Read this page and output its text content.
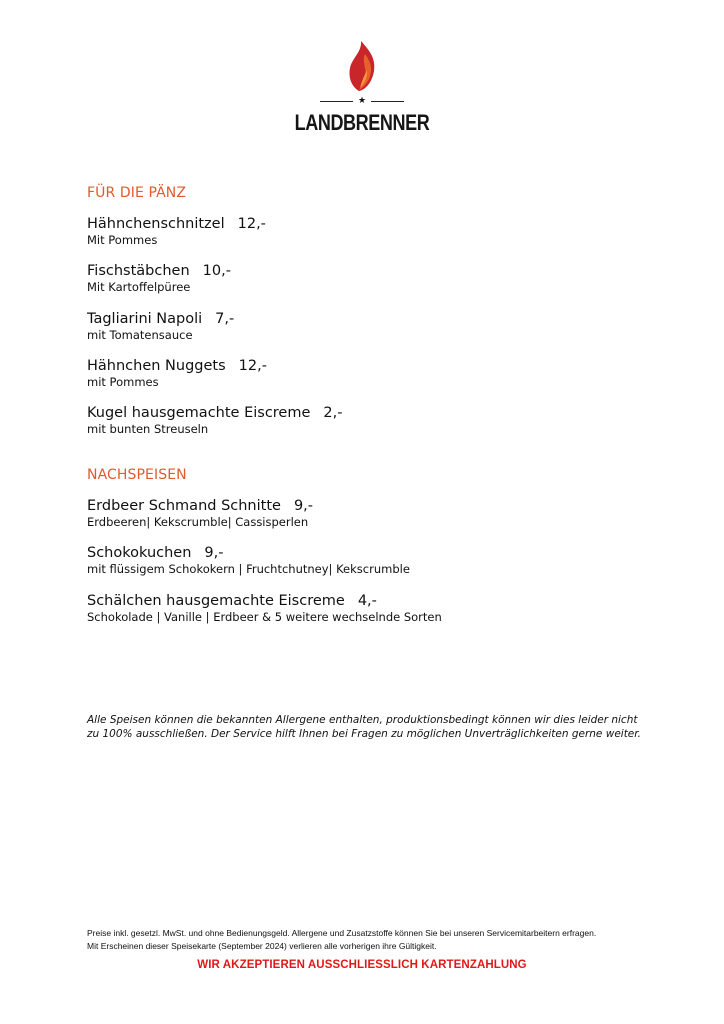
★
LANDBRENNER
FÜR DIE PÄNZ
Hähnchenschnitzel 12,-
Mit Pommes
Fischstäbchen 10,-
Mit Kartoffelpüree
Tagliarini Napoli 7,-
mit Tomatensauce
Hähnchen Nuggets 12,-
mit Pommes
Kugel hausgemachte Eiscreme 2,-
mit bunten Streuseln
NACHSPEISEN
Erdbeer Schmand Schnitte 9,-
Erdbeeren| Kekscrumble| Cassisperlen
Schokokuchen 9,-
mit flüssigem Schokokern | Fruchtchutney| Kekscrumble
Schälchen hausgemachte Eiscreme 4,-
Schokolade | Vanille | Erdbeer & 5 weitere wechselnde Sorten
Alle Speisen können die bekannten Allergene enthalten, produktionsbedingt können wir dies leider nicht
zu 100% ausschließen. Der Service hilft Ihnen bei Fragen zu möglichen Unverträglichkeiten gerne weiter.
Preise inkl. gesetzl. MwSt. und ohne Bedienungsgeld. Allergene und Zusatzstoffe können Sie bei unseren Servicemitarbeitern erfragen.
Mit Erscheinen dieser Speisekarte (September 2024) verlieren alle vorherigen ihre Gültigkeit.
WIR AKZEPTIEREN AUSSCHLIESSLICH KARTENZAHLUNG
